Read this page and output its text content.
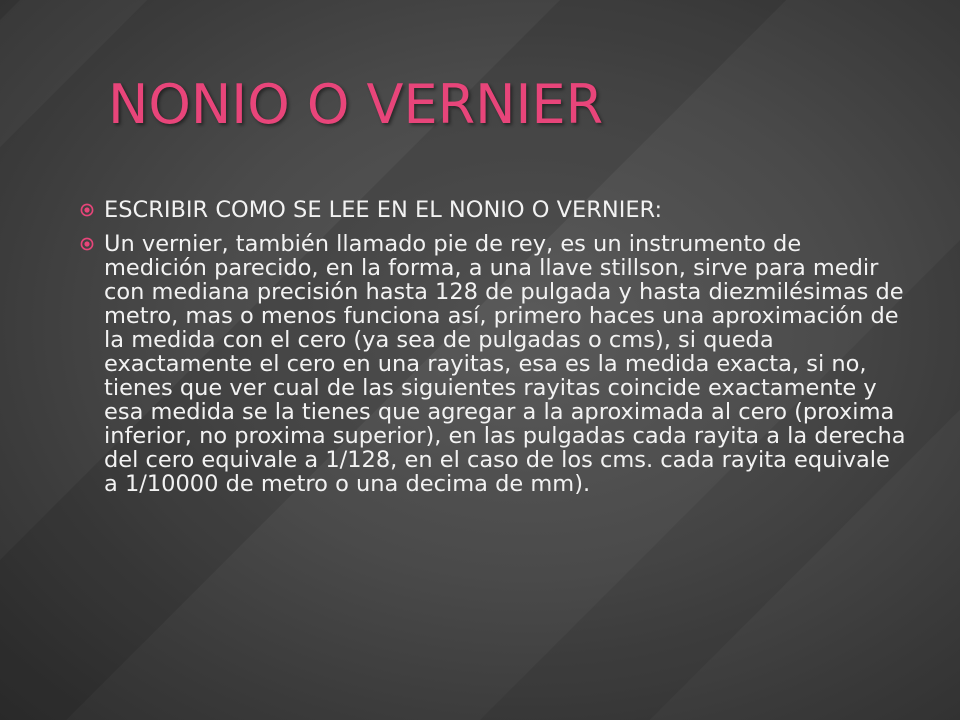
NONIO O VERNIER
ESCRIBIR COMO SE LEE EN EL NONIO O VERNIER:
Un vernier, también llamado pie de rey, es un instrumento de medición parecido, en la forma, a una llave stillson, sirve para medir con mediana precisión hasta 128 de pulgada y hasta diezmilésimas de metro, mas o menos funciona así, primero haces una aproximación de la medida con el cero (ya sea de pulgadas o cms), si queda exactamente el cero en una rayitas, esa es la medida exacta, si no, tienes que ver cual de las siguientes rayitas coincide exactamente y esa medida se la tienes que agregar a la aproximada al cero (proxima inferior, no proxima superior), en las pulgadas cada rayita a la derecha del cero equivale a 1/128, en el caso de los cms. cada rayita equivale a 1/10000 de metro o una decima de mm).
